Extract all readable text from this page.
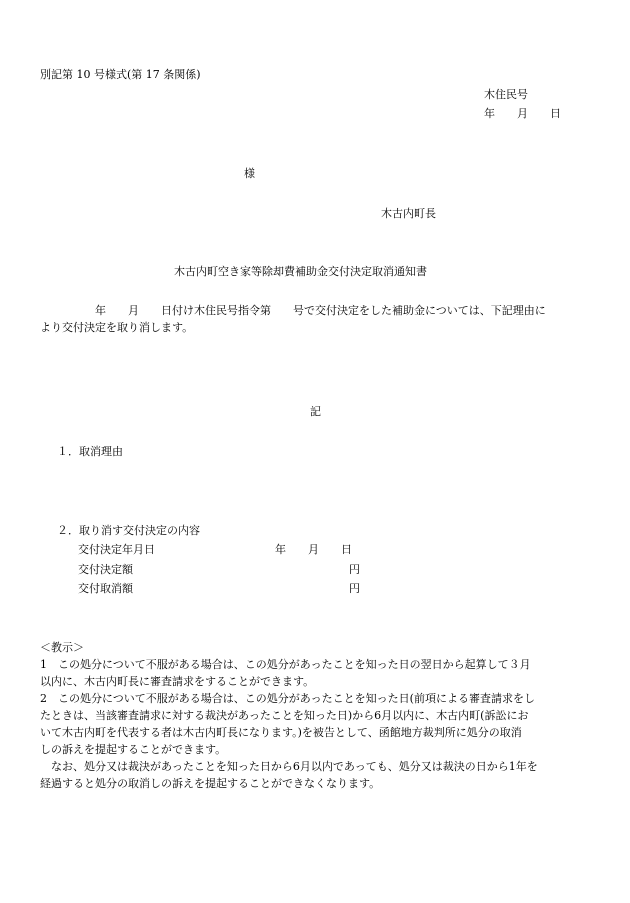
別記第 10 号様式(第 17 条関係)
木住民号
年　　月　　日
様
木古内町長
木古内町空き家等除却費補助金交付決定取消通知書

　　　　　年　　月　　日付け木住民号指令第　　号で交付決定をした補助金については、下記理由に

より交付決定を取り消します。

記
１．取消理由
２．取り消す交付決定の内容
交付決定年月日	年　　月　　日
交付決定額	円
交付取消額	円

＜教示＞

1　この処分について不服がある場合は、この処分があったことを知った日の翌日から起算して３月

以内に、木古内町長に審査請求をすることができます。

2　この処分について不服がある場合は、この処分があったことを知った日(前項による審査請求をし

たときは、当該審査請求に対する裁決があったことを知った日)から6月以内に、木古内町(訴訟にお

いて木古内町を代表する者は木古内町長になります。)を被告として、函館地方裁判所に処分の取消

しの訴えを提起することができます。

　なお、処分又は裁決があったことを知った日から6月以内であっても、処分又は裁決の日から1年を

経過すると処分の取消しの訴えを提起することができなくなります。
